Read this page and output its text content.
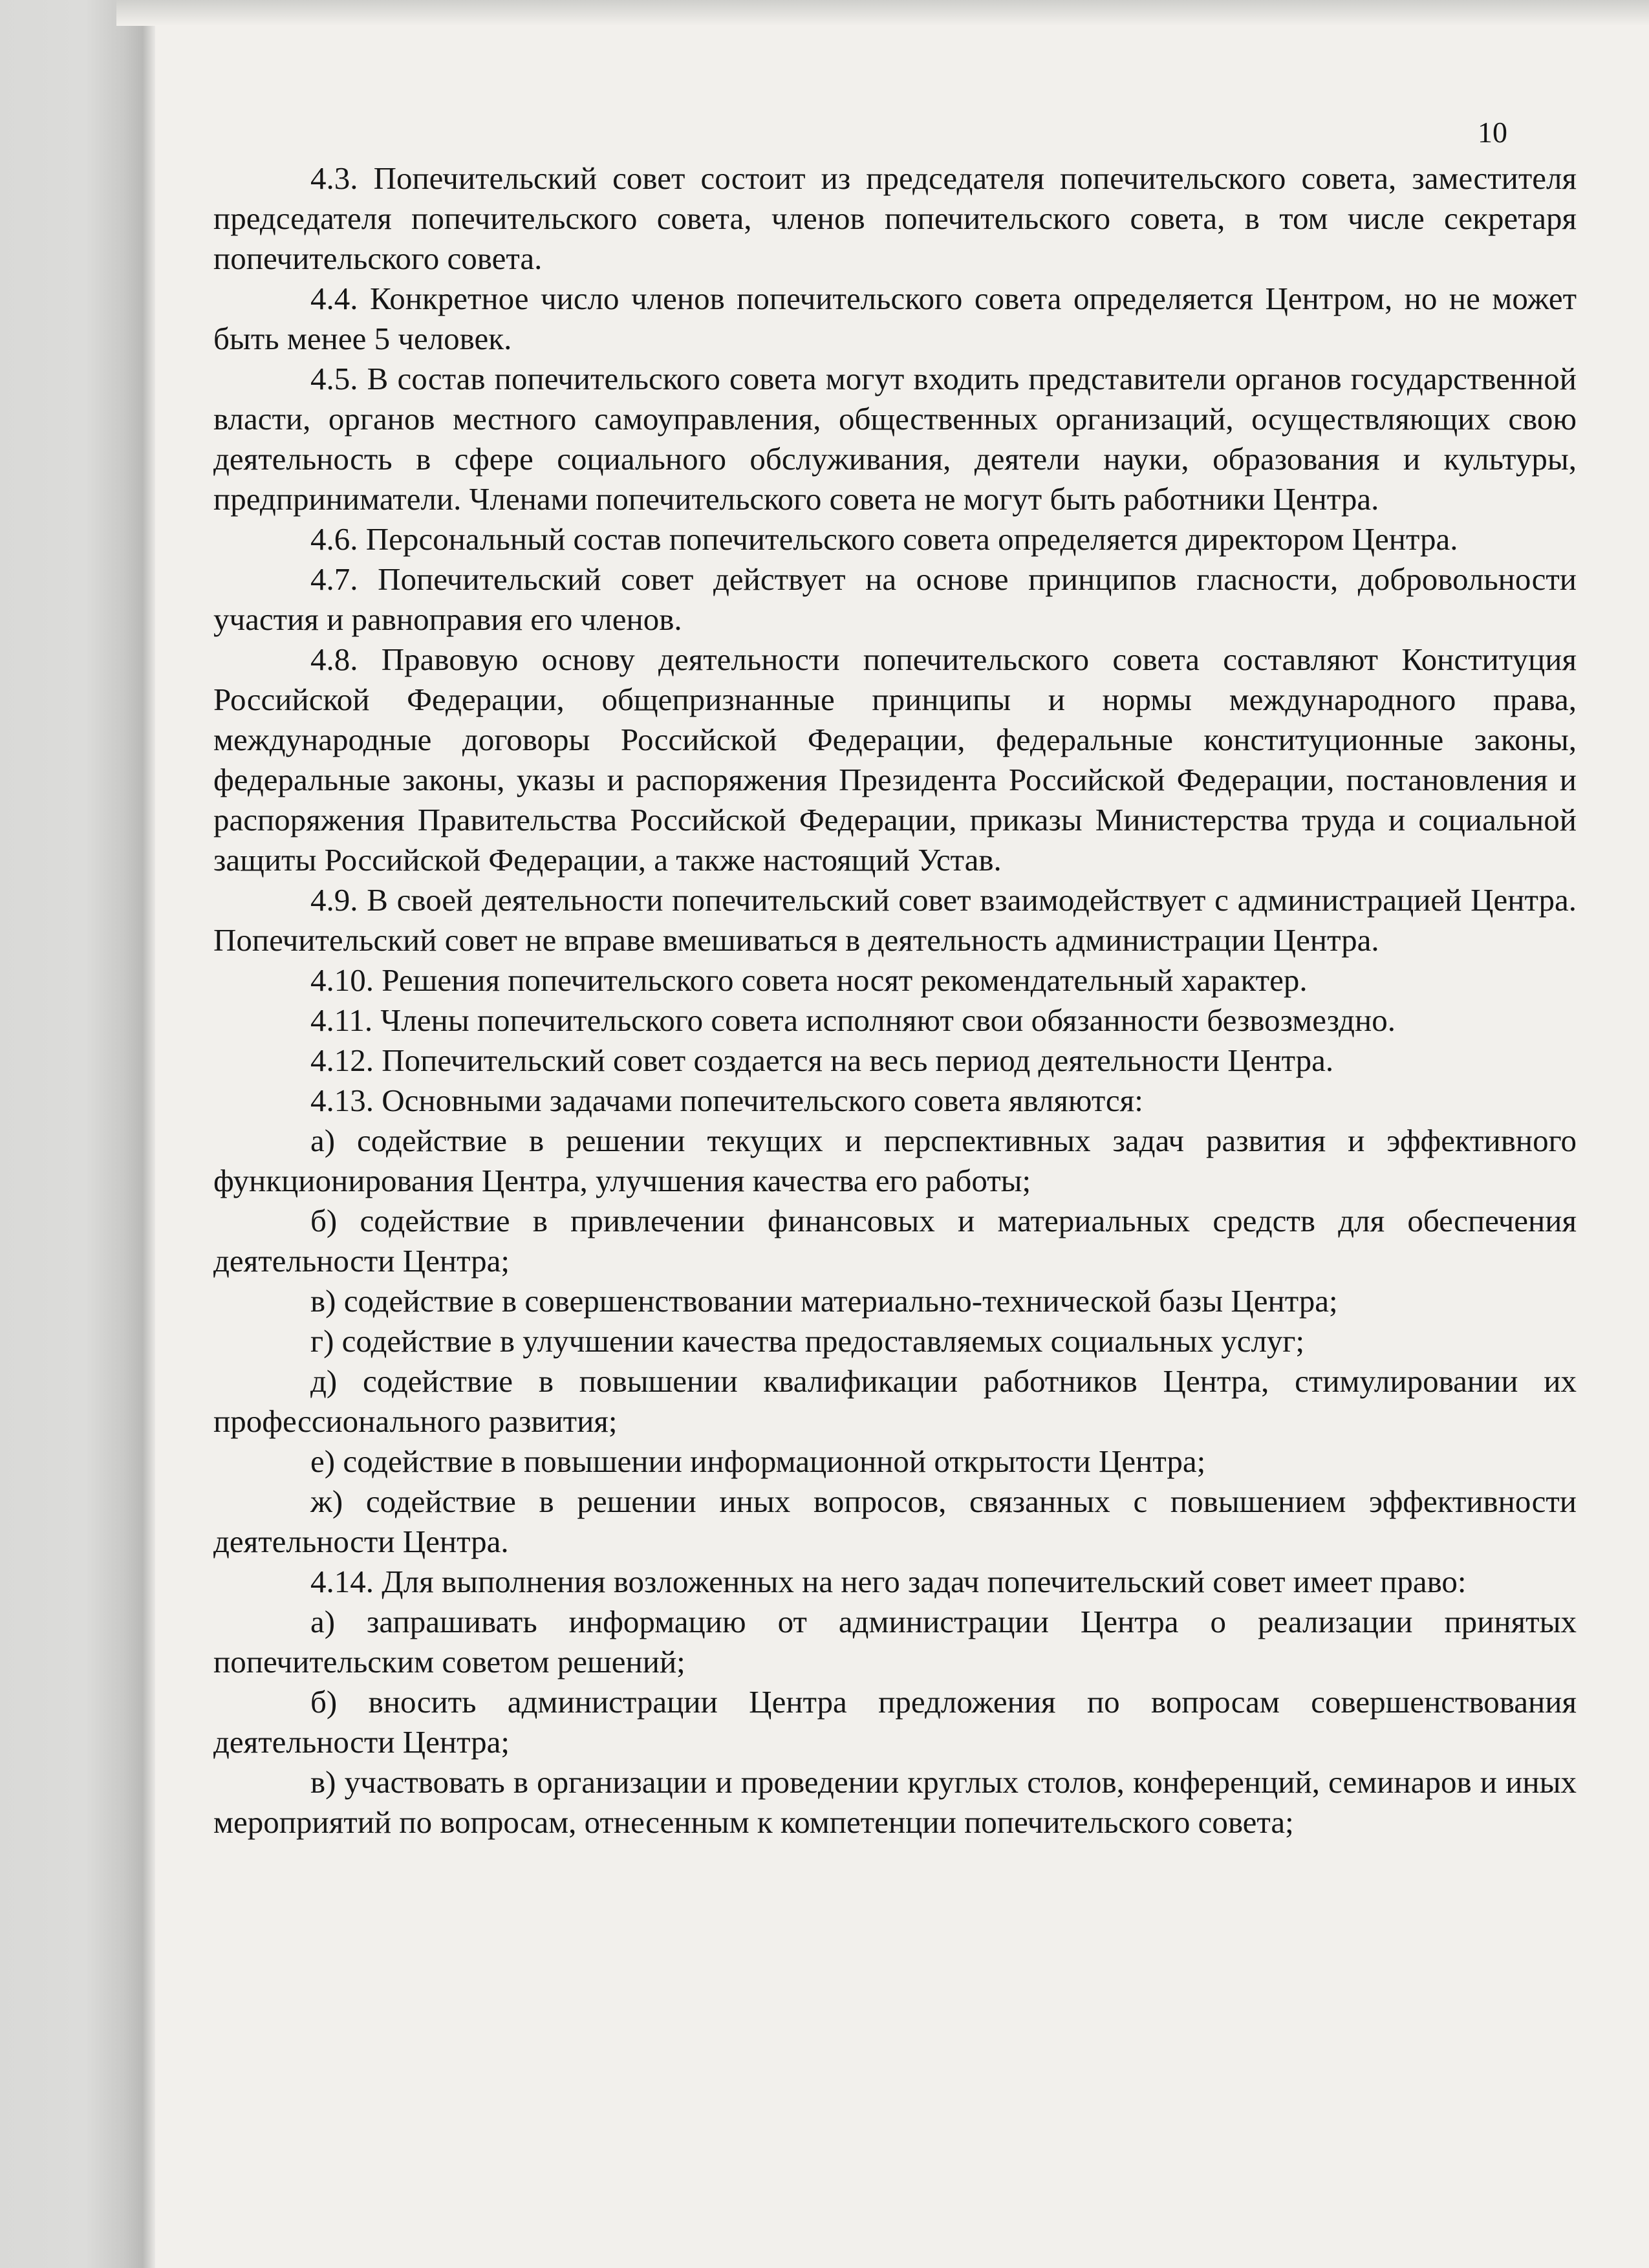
10

4.3. Попечительский совет состоит из председателя попечительского совета, заместителя председателя попечительского совета, членов попечительского совета, в том числе секретаря попечительского совета.

4.4. Конкретное число членов попечительского совета определяется Центром, но не может быть менее 5 человек.

4.5. В состав попечительского совета могут входить представители органов государственной власти, органов местного самоуправления, общественных организаций, осуществляющих свою деятельность в сфере социального обслуживания, деятели науки, образования и культуры, предприниматели. Членами попечительского совета не могут быть работники Центра.

4.6. Персональный состав попечительского совета определяется директором Центра.

4.7. Попечительский совет действует на основе принципов гласности, добровольности участия и равноправия его членов.

4.8. Правовую основу деятельности попечительского совета составляют Конституция Российской Федерации, общепризнанные принципы и нормы международного права, международные договоры Российской Федерации, федеральные конституционные законы, федеральные законы, указы и распоряжения Президента Российской Федерации, постановления и распоряжения Правительства Российской Федерации, приказы Министерства труда и социальной защиты Российской Федерации, а также настоящий Устав.

4.9. В своей деятельности попечительский совет взаимодействует с администрацией Центра. Попечительский совет не вправе вмешиваться в деятельность администрации Центра.

4.10. Решения попечительского совета носят рекомендательный характер.

4.11. Члены попечительского совета исполняют свои обязанности безвозмездно.

4.12. Попечительский совет создается на весь период деятельности Центра.

4.13. Основными задачами попечительского совета являются:

а) содействие в решении текущих и перспективных задач развития и эффективного функционирования Центра, улучшения качества его работы;

б) содействие в привлечении финансовых и материальных средств для обеспечения деятельности Центра;

в) содействие в совершенствовании материально-технической базы Центра;

г) содействие в улучшении качества предоставляемых социальных услуг;

д) содействие в повышении квалификации работников Центра, стимулировании их профессионального развития;

е) содействие в повышении информационной открытости Центра;

ж) содействие в решении иных вопросов, связанных с повышением эффективности деятельности Центра.

4.14. Для выполнения возложенных на него задач попечительский совет имеет право:

а) запрашивать информацию от администрации Центра о реализации принятых попечительским советом решений;

б) вносить администрации Центра предложения по вопросам совершенствования деятельности Центра;

в) участвовать в организации и проведении круглых столов, конференций, семинаров и иных мероприятий по вопросам, отнесенным к компетенции попечительского совета;
